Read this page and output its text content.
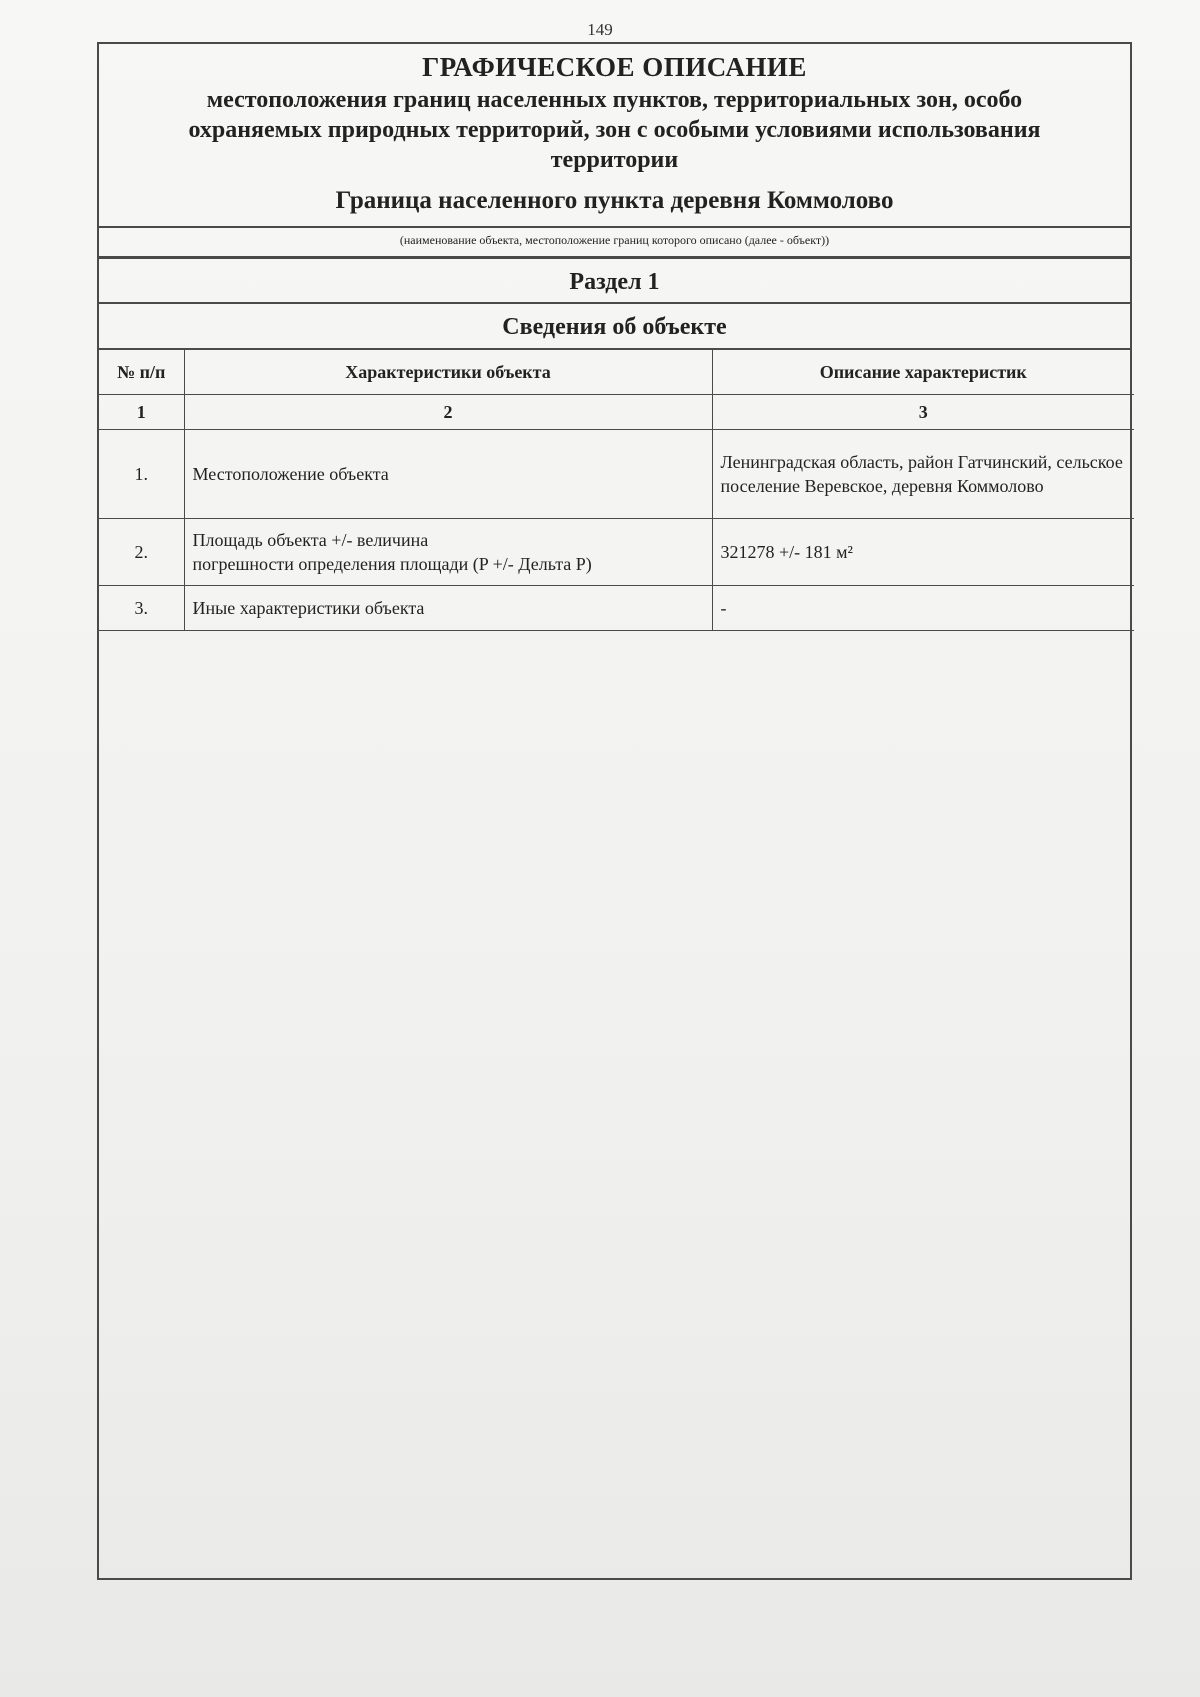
149
ГРАФИЧЕСКОЕ ОПИСАНИЕ
местоположения границ населенных пунктов, территориальных зон, особо
охраняемых природных территорий, зон с особыми условиями использования
территории
Граница населенного пункта деревня Коммолово
(наименование объекта, местоположение границ которого описано (далее - объект))
Раздел 1
Сведения об объекте
№ п/п	Характеристики объекта	Описание характеристик
1	2	3
1.	Местоположение объекта	Ленинградская область, район Гатчинский, сельское поселение Веревское, деревня Коммолово
2.	Площадь объекта +/- величина
погрешности определения площади (P +/- Дельта P)	321278 +/- 181 м²
3.	Иные характеристики объекта	-
